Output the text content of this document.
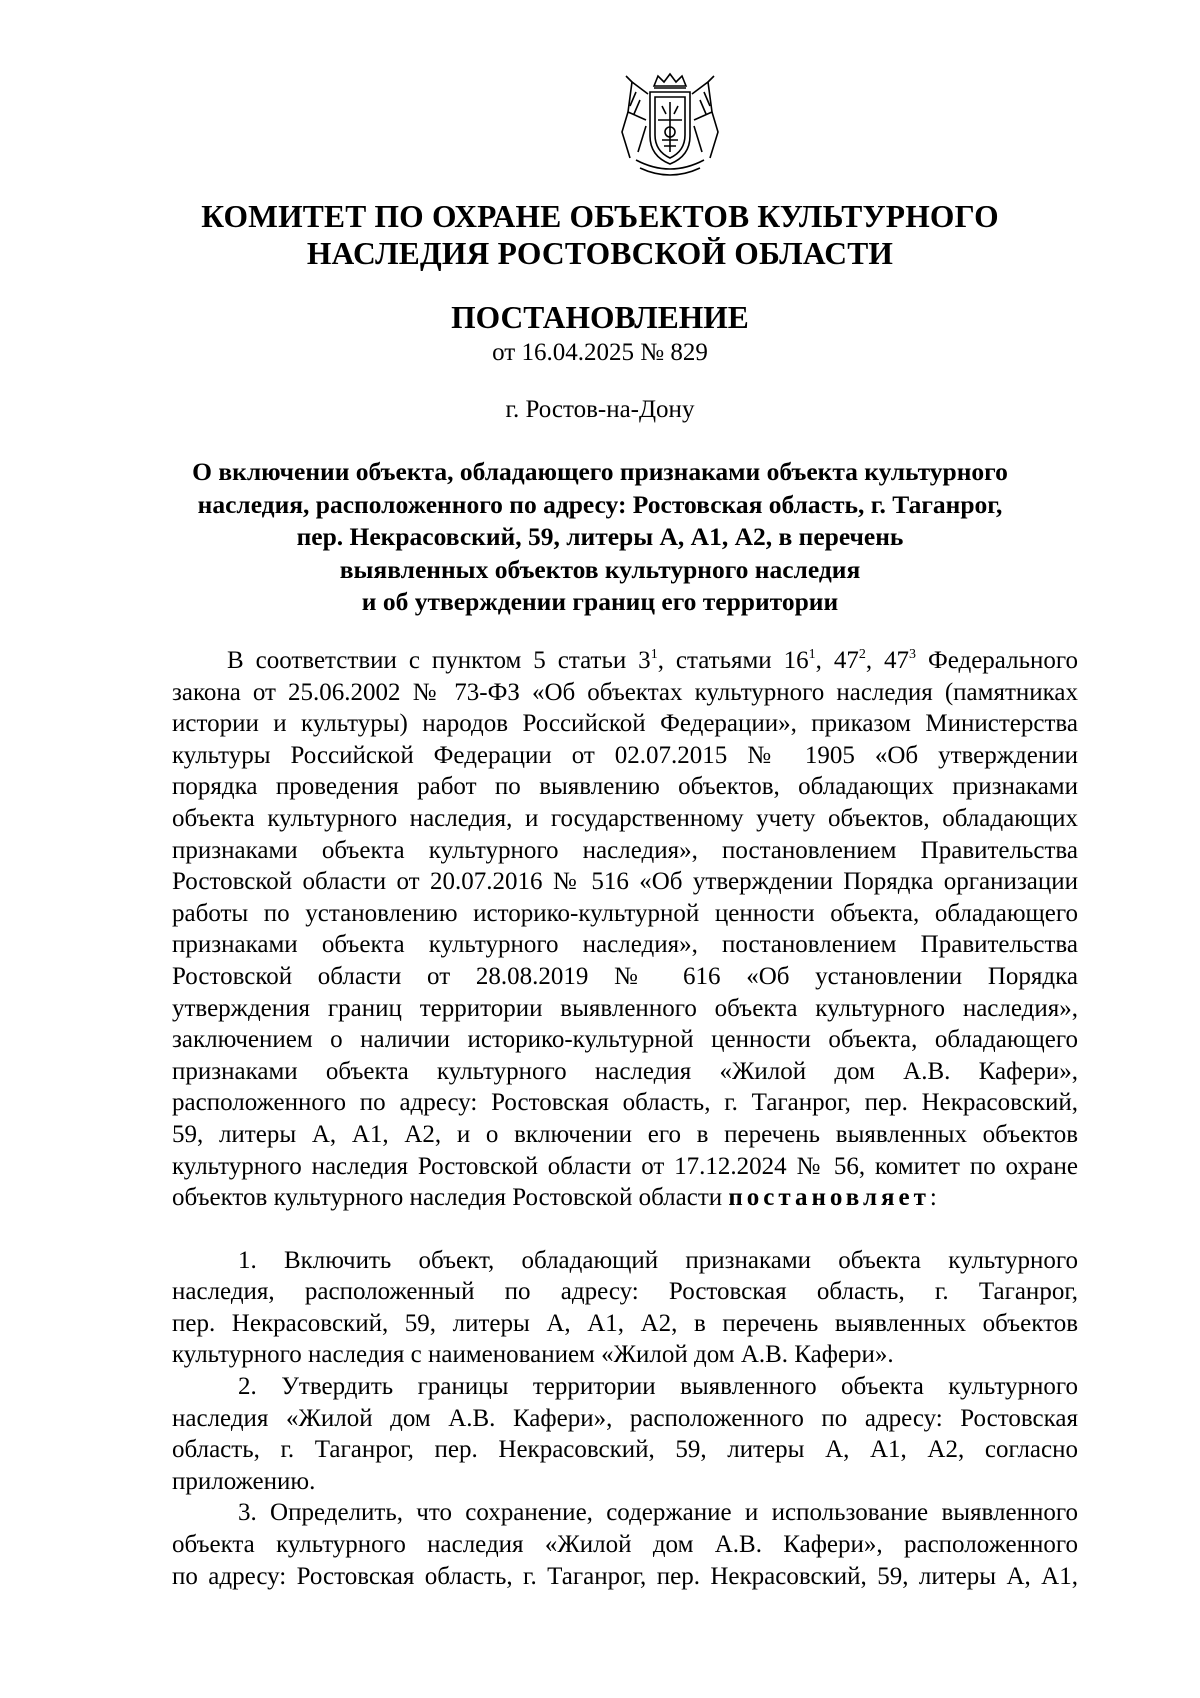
КОМИТЕТ ПО ОХРАНЕ ОБЪЕКТОВ КУЛЬТУРНОГО
НАСЛЕДИЯ РОСТОВСКОЙ ОБЛАСТИ
ПОСТАНОВЛЕНИЕ
от 16.04.2025 № 829
г. Ростов-на-Дону
О включении объекта, обладающего признаками объекта культурного
наследия, расположенного по адресу: Ростовская область, г. Таганрог,
пер. Некрасовский, 59, литеры А, А1, А2, в перечень
выявленных объектов культурного наследия
и об утверждении границ его территории
В соответствии с пунктом 5 статьи $3^1$, статьями $16^1$, $47^2$, $47^3$ Федерального
закона от 25.06.2002 № 73-ФЗ «Об объектах культурного наследия (памятниках
истории и культуры) народов Российской Федерации», приказом Министерства
культуры Российской Федерации от 02.07.2015 № 1905 «Об утверждении
порядка проведения работ по выявлению объектов, обладающих признаками
объекта культурного наследия, и государственному учету объектов, обладающих
признаками объекта культурного наследия», постановлением Правительства
Ростовской области от 20.07.2016 № 516 «Об утверждении Порядка организации
работы по установлению историко-культурной ценности объекта, обладающего
признаками объекта культурного наследия», постановлением Правительства
Ростовской области от 28.08.2019 № 616 «Об установлении Порядка
утверждения границ территории выявленного объекта культурного наследия»,
заключением о наличии историко-культурной ценности объекта, обладающего
признаками объекта культурного наследия «Жилой дом А.В. Кафери»,
расположенного по адресу: Ростовская область, г. Таганрог, пер. Некрасовский,
59, литеры А, А1, А2, и о включении его в перечень выявленных объектов
культурного наследия Ростовской области от 17.12.2024 № 56, комитет по охране
объектов культурного наследия Ростовской области постановляет:
1. Включить объект, обладающий признаками объекта культурного
наследия, расположенный по адресу: Ростовская область, г. Таганрог,
пер. Некрасовский, 59, литеры А, А1, А2, в перечень выявленных объектов
культурного наследия с наименованием «Жилой дом А.В. Кафери».
2. Утвердить границы территории выявленного объекта культурного
наследия «Жилой дом А.В. Кафери», расположенного по адресу: Ростовская
область, г. Таганрог, пер. Некрасовский, 59, литеры А, А1, А2, согласно
приложению.
3. Определить, что сохранение, содержание и использование выявленного
объекта культурного наследия «Жилой дом А.В. Кафери», расположенного
по адресу: Ростовская область, г. Таганрог, пер. Некрасовский, 59, литеры А, А1,
